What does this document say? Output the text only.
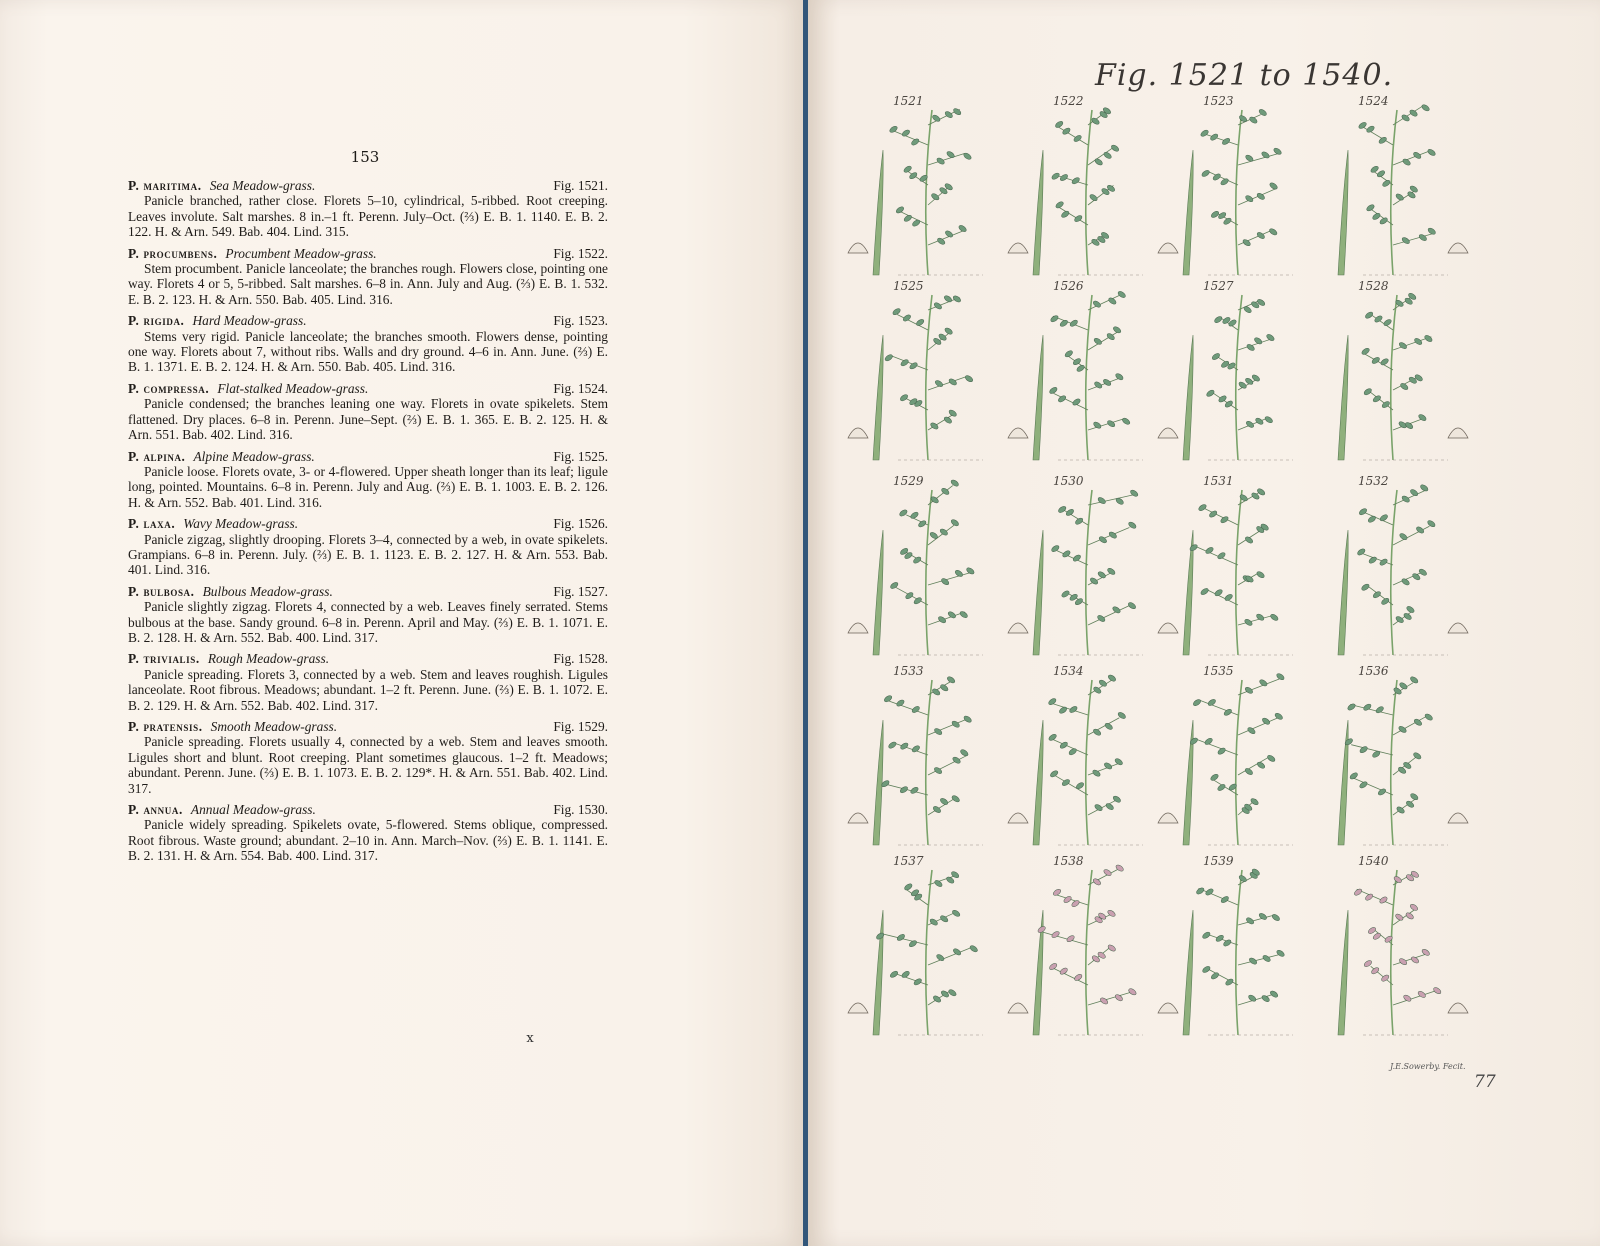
153
P. maritima. Sea Meadow-grass.	Fig. 1521.
Panicle branched, rather close. Florets 5–10, cylindrical, 5-ribbed. Root creeping. Leaves involute. Salt marshes. 8 in.–1 ft. Perenn. July–Oct. (⅔) E. B. 1. 1140. E. B. 2. 122. H. & Arn. 549. Bab. 404. Lind. 315.
P. procumbens. Procumbent Meadow-grass.	Fig. 1522.
Stem procumbent. Panicle lanceolate; the branches rough. Flowers close, pointing one way. Florets 4 or 5, 5-ribbed. Salt marshes. 6–8 in. Ann. July and Aug. (⅔) E. B. 1. 532. E. B. 2. 123. H. & Arn. 550. Bab. 405. Lind. 316.
P. rigida. Hard Meadow-grass.	Fig. 1523.
Stems very rigid. Panicle lanceolate; the branches smooth. Flowers dense, pointing one way. Florets about 7, without ribs. Walls and dry ground. 4–6 in. Ann. June. (⅔) E. B. 1. 1371. E. B. 2. 124. H. & Arn. 550. Bab. 405. Lind. 316.
P. compressa. Flat-stalked Meadow-grass.	Fig. 1524.
Panicle condensed; the branches leaning one way. Florets in ovate spikelets. Stem flattened. Dry places. 6–8 in. Perenn. June–Sept. (⅔) E. B. 1. 365. E. B. 2. 125. H. & Arn. 551. Bab. 402. Lind. 316.
P. alpina. Alpine Meadow-grass.	Fig. 1525.
Panicle loose. Florets ovate, 3- or 4-flowered. Upper sheath longer than its leaf; ligule long, pointed. Mountains. 6–8 in. Perenn. July and Aug. (⅔) E. B. 1. 1003. E. B. 2. 126. H. & Arn. 552. Bab. 401. Lind. 316.
P. laxa. Wavy Meadow-grass.	Fig. 1526.
Panicle zigzag, slightly drooping. Florets 3–4, connected by a web, in ovate spikelets. Grampians. 6–8 in. Perenn. July. (⅔) E. B. 1. 1123. E. B. 2. 127. H. & Arn. 553. Bab. 401. Lind. 316.
P. bulbosa. Bulbous Meadow-grass.	Fig. 1527.
Panicle slightly zigzag. Florets 4, connected by a web. Leaves finely serrated. Stems bulbous at the base. Sandy ground. 6–8 in. Perenn. April and May. (⅔) E. B. 1. 1071. E. B. 2. 128. H. & Arn. 552. Bab. 400. Lind. 317.
P. trivialis. Rough Meadow-grass.	Fig. 1528.
Panicle spreading. Florets 3, connected by a web. Stem and leaves roughish. Ligules lanceolate. Root fibrous. Meadows; abundant. 1–2 ft. Perenn. June. (⅔) E. B. 1. 1072. E. B. 2. 129. H. & Arn. 552. Bab. 402. Lind. 317.
P. pratensis. Smooth Meadow-grass.	Fig. 1529.
Panicle spreading. Florets usually 4, connected by a web. Stem and leaves smooth. Ligules short and blunt. Root creeping. Plant sometimes glaucous. 1–2 ft. Meadows; abundant. Perenn. June. (⅔) E. B. 1. 1073. E. B. 2. 129*. H. & Arn. 551. Bab. 402. Lind. 317.
P. annua. Annual Meadow-grass.	Fig. 1530.
Panicle widely spreading. Spikelets ovate, 5-flowered. Stems oblique, compressed. Root fibrous. Waste ground; abundant. 2–10 in. Ann. March–Nov. (⅔) E. B. 1. 1141. E. B. 2. 131. H. & Arn. 554. Bab. 400. Lind. 317.
x
1521	1522	1523	1524
1525	1526	1527	1528
1529	1530	1531	1532
1533	1534	1535	1536
1537	1538	1539	1540
Fig. 1521 to 1540.
J.E.Sowerby. Fecit.
77
